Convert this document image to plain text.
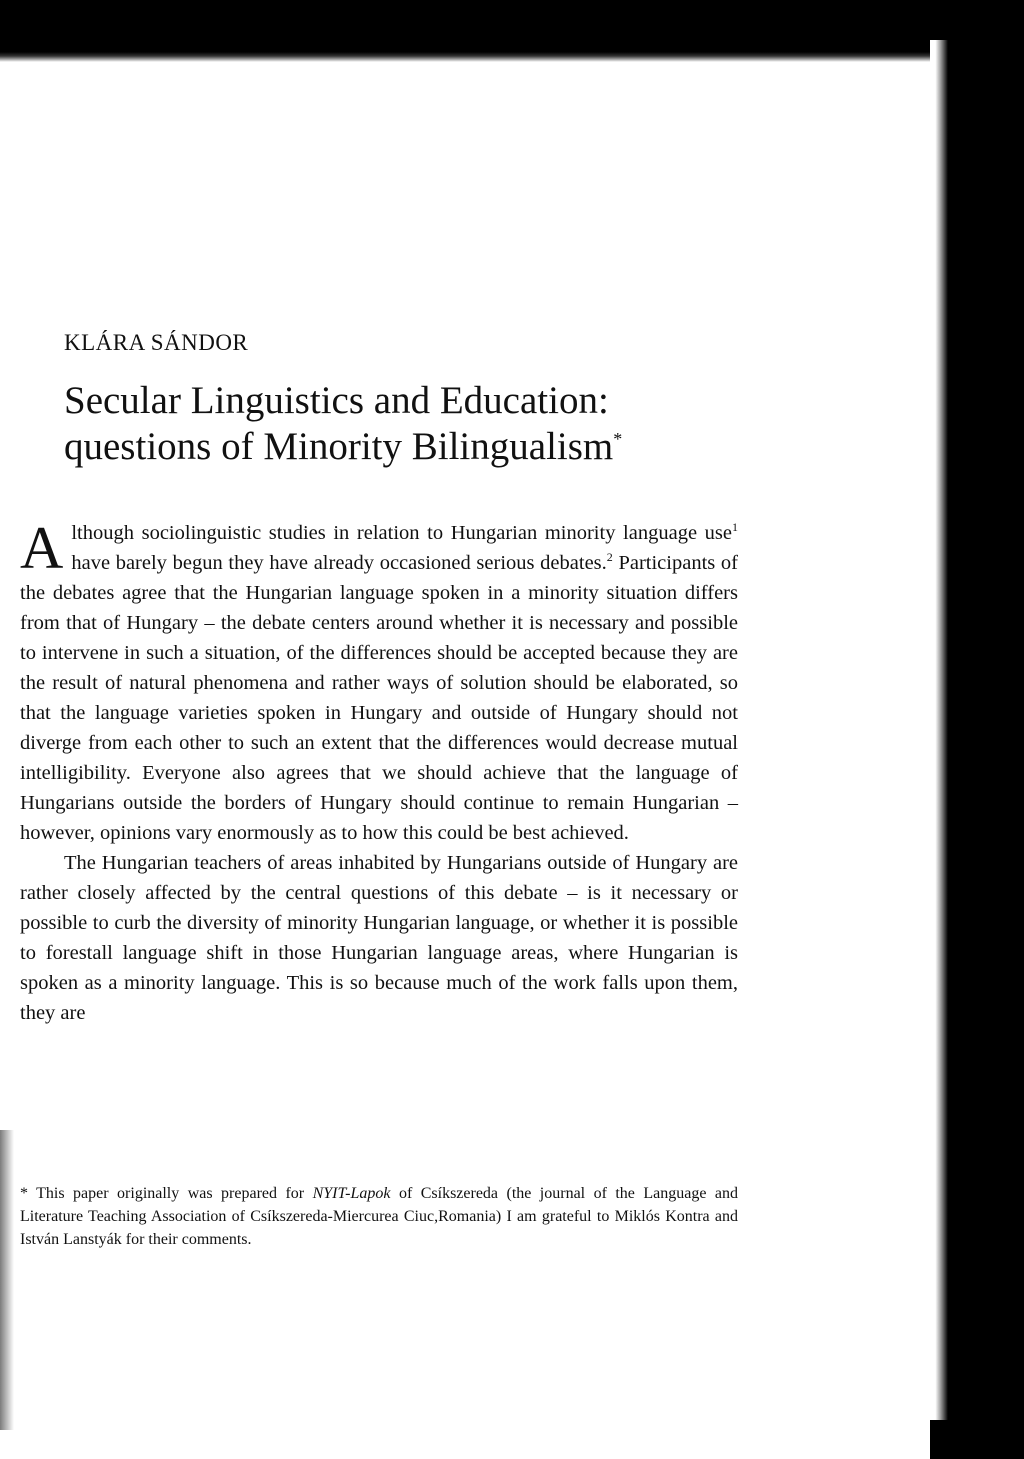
KLÁRA SÁNDOR
Secular Linguistics and Education:
questions of Minority Bilingualism*

Although sociolinguistic studies in relation to Hungarian minority language use$^1$ have barely begun they have already occasioned serious debates.$^2$ Participants of the debates agree that the Hungarian language spoken in a minority situation differs from that of Hungary – the debate centers around whether it is necessary and possible to intervene in such a situation, of the differences should be accepted because they are the result of natural phenomena and rather ways of solution should be elaborated, so that the language varieties spoken in Hungary and outside of Hungary should not diverge from each other to such an extent that the differences would decrease mutual intelligibility. Everyone also agrees that we should achieve that the language of Hungarians outside the borders of Hungary should continue to remain Hungarian – however, opinions vary enormously as to how this could be best achieved.

The Hungarian teachers of areas inhabited by Hungarians outside of Hungary are rather closely affected by the central questions of this debate – is it necessary or possible to curb the diversity of minority Hungarian language, or whether it is possible to forestall language shift in those Hungarian language areas, where Hungarian is spoken as a minority language. This is so because much of the work falls upon them, they are

* This paper originally was prepared for NYIT-Lapok of Csíkszereda (the journal of the Language and Literature Teaching Association of Csíkszereda-Miercurea Ciuc,Romania) I am grateful to Miklós Kontra and István Lanstyák for their comments.
